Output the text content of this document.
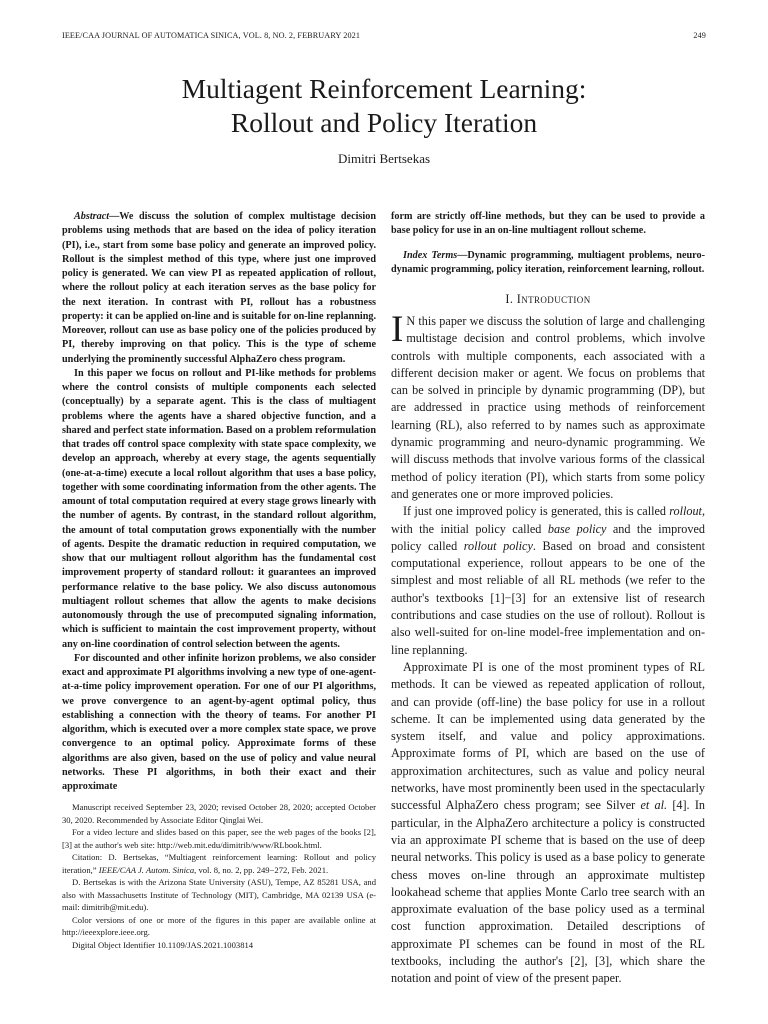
IEEE/CAA JOURNAL OF AUTOMATICA SINICA, VOL. 8, NO. 2, FEBRUARY 2021	249
Multiagent Reinforcement Learning:
Rollout and Policy Iteration
Dimitri Bertsekas

Abstract—We discuss the solution of complex multistage decision problems using methods that are based on the idea of policy iteration (PI), i.e., start from some base policy and generate an improved policy. Rollout is the simplest method of this type, where just one improved policy is generated. We can view PI as repeated application of rollout, where the rollout policy at each iteration serves as the base policy for the next iteration. In contrast with PI, rollout has a robustness property: it can be applied on-line and is suitable for on-line replanning. Moreover, rollout can use as base policy one of the policies produced by PI, thereby improving on that policy. This is the type of scheme underlying the prominently successful AlphaZero chess program.

In this paper we focus on rollout and PI-like methods for problems where the control consists of multiple components each selected (conceptually) by a separate agent. This is the class of multiagent problems where the agents have a shared objective function, and a shared and perfect state information. Based on a problem reformulation that trades off control space complexity with state space complexity, we develop an approach, whereby at every stage, the agents sequentially (one-at-a-time) execute a local rollout algorithm that uses a base policy, together with some coordinating information from the other agents. The amount of total computation required at every stage grows linearly with the number of agents. By contrast, in the standard rollout algorithm, the amount of total computation grows exponentially with the number of agents. Despite the dramatic reduction in required computation, we show that our multiagent rollout algorithm has the fundamental cost improvement property of standard rollout: it guarantees an improved performance relative to the base policy. We also discuss autonomous multiagent rollout schemes that allow the agents to make decisions autonomously through the use of precomputed signaling information, which is sufficient to maintain the cost improvement property, without any on-line coordination of control selection between the agents.

For discounted and other infinite horizon problems, we also consider exact and approximate PI algorithms involving a new type of one-agent-at-a-time policy improvement operation. For one of our PI algorithms, we prove convergence to an agent-by-agent optimal policy, thus establishing a connection with the theory of teams. For another PI algorithm, which is executed over a more complex state space, we prove convergence to an optimal policy. Approximate forms of these algorithms are also given, based on the use of policy and value neural networks. These PI algorithms, in both their exact and their approximate

Manuscript received September 23, 2020; revised October 28, 2020; accepted October 30, 2020. Recommended by Associate Editor Qinglai Wei.

For a video lecture and slides based on this paper, see the web pages of the books [2], [3] at the author's web site: http://web.mit.edu/dimitrib/www/RLbook.html.

Citation: D. Bertsekas, “Multiagent reinforcement learning: Rollout and policy iteration,” IEEE/CAA J. Autom. Sinica, vol. 8, no. 2, pp. 249−272, Feb. 2021.

D. Bertsekas is with the Arizona State University (ASU), Tempe, AZ 85281 USA, and also with Massachusetts Institute of Technology (MIT), Cambridge, MA 02139 USA (e-mail: dimitrib@mit.edu).

Color versions of one or more of the figures in this paper are available online at http://ieeexplore.ieee.org.

Digital Object Identifier 10.1109/JAS.2021.1003814

form are strictly off-line methods, but they can be used to provide a base policy for use in an on-line multiagent rollout scheme.

Index Terms—Dynamic programming, multiagent problems, neuro-dynamic programming, policy iteration, reinforcement learning, rollout.
I. Introduction

I N this paper we discuss the solution of large and challenging multistage decision and control problems, which involve controls with multiple components, each associated with a different decision maker or agent. We focus on problems that can be solved in principle by dynamic programming (DP), but are addressed in practice using methods of reinforcement learning (RL), also referred to by names such as approximate dynamic programming and neuro-dynamic programming. We will discuss methods that involve various forms of the classical method of policy iteration (PI), which starts from some policy and generates one or more improved policies.

If just one improved policy is generated, this is called rollout, with the initial policy called base policy and the improved policy called rollout policy. Based on broad and consistent computational experience, rollout appears to be one of the simplest and most reliable of all RL methods (we refer to the author's textbooks [1]−[3] for an extensive list of research contributions and case studies on the use of rollout). Rollout is also well-suited for on-line model-free implementation and on-line replanning.

Approximate PI is one of the most prominent types of RL methods. It can be viewed as repeated application of rollout, and can provide (off-line) the base policy for use in a rollout scheme. It can be implemented using data generated by the system itself, and value and policy approximations. Approximate forms of PI, which are based on the use of approximation architectures, such as value and policy neural networks, have most prominently been used in the spectacularly successful AlphaZero chess program; see Silver et al. [4]. In particular, in the AlphaZero architecture a policy is constructed via an approximate PI scheme that is based on the use of deep neural networks. This policy is used as a base policy to generate chess moves on-line through an approximate multistep lookahead scheme that applies Monte Carlo tree search with an approximate evaluation of the base policy used as a terminal cost function approximation. Detailed descriptions of approximate PI schemes can be found in most of the RL textbooks, including the author's [2], [3], which share the notation and point of view of the present paper.
